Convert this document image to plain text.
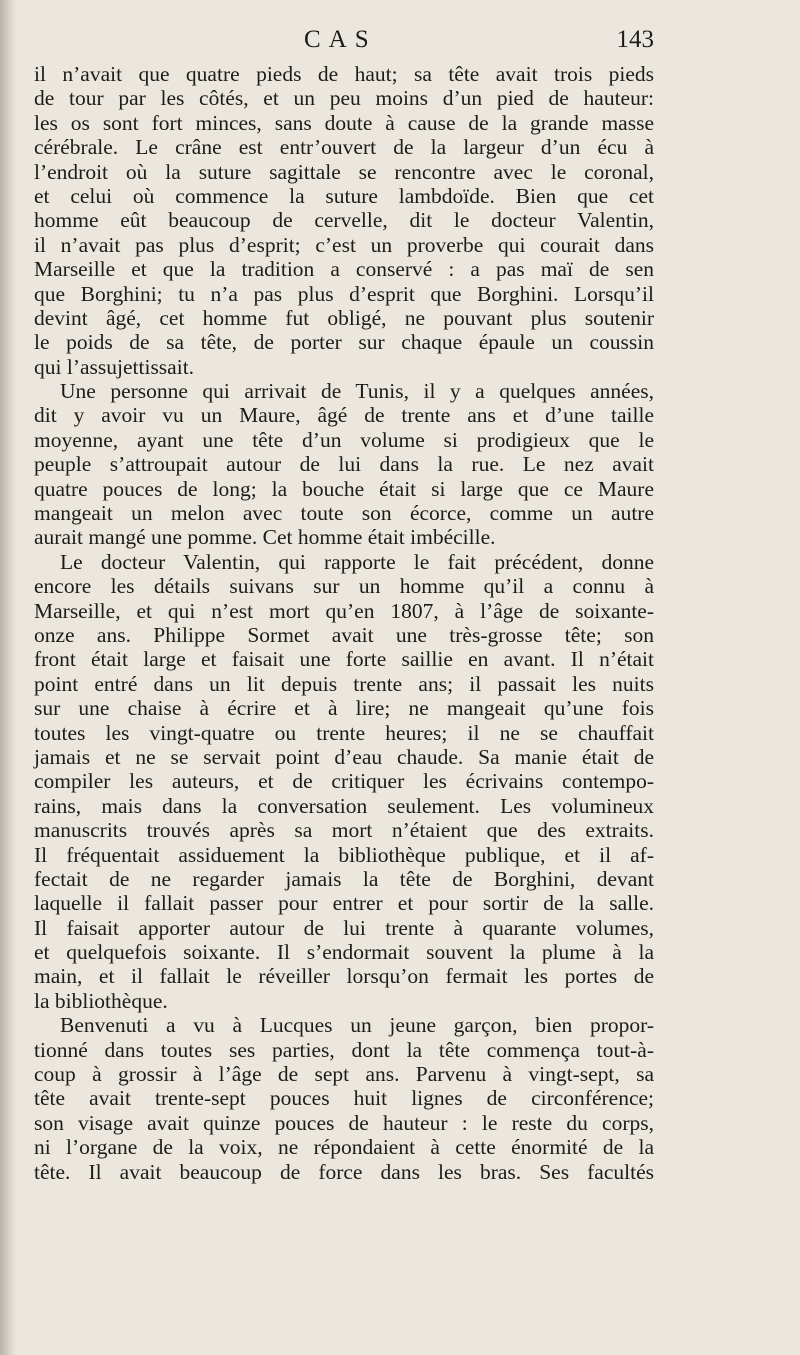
CAS	143
il n’avait que quatre pieds de haut; sa tête avait trois pieds
de tour par les côtés, et un peu moins d’un pied de hauteur:
les os sont fort minces, sans doute à cause de la grande masse
cérébrale. Le crâne est entr’ouvert de la largeur d’un écu à
l’endroit où la suture sagittale se rencontre avec le coronal,
et celui où commence la suture lambdoïde. Bien que cet
homme eût beaucoup de cervelle, dit le docteur Valentin,
il n’avait pas plus d’esprit; c’est un proverbe qui courait dans
Marseille et que la tradition a conservé : a pas maï de sen
que Borghini; tu n’a pas plus d’esprit que Borghini. Lorsqu’il
devint âgé, cet homme fut obligé, ne pouvant plus soutenir
le poids de sa tête, de porter sur chaque épaule un coussin
qui l’assujettissait.
Une personne qui arrivait de Tunis, il y a quelques années,
dit y avoir vu un Maure, âgé de trente ans et d’une taille
moyenne, ayant une tête d’un volume si prodigieux que le
peuple s’attroupait autour de lui dans la rue. Le nez avait
quatre pouces de long; la bouche était si large que ce Maure
mangeait un melon avec toute son écorce, comme un autre
aurait mangé une pomme. Cet homme était imbécille.
Le docteur Valentin, qui rapporte le fait précédent, donne
encore les détails suivans sur un homme qu’il a connu à
Marseille, et qui n’est mort qu’en 1807, à l’âge de soixante-
onze ans. Philippe Sormet avait une très-grosse tête; son
front était large et faisait une forte saillie en avant. Il n’était
point entré dans un lit depuis trente ans; il passait les nuits
sur une chaise à écrire et à lire; ne mangeait qu’une fois
toutes les vingt-quatre ou trente heures; il ne se chauffait
jamais et ne se servait point d’eau chaude. Sa manie était de
compiler les auteurs, et de critiquer les écrivains contempo-
rains, mais dans la conversation seulement. Les volumineux
manuscrits trouvés après sa mort n’étaient que des extraits.
Il fréquentait assiduement la bibliothèque publique, et il af-
fectait de ne regarder jamais la tête de Borghini, devant
laquelle il fallait passer pour entrer et pour sortir de la salle.
Il faisait apporter autour de lui trente à quarante volumes,
et quelquefois soixante. Il s’endormait souvent la plume à la
main, et il fallait le réveiller lorsqu’on fermait les portes de
la bibliothèque.
Benvenuti a vu à Lucques un jeune garçon, bien propor-
tionné dans toutes ses parties, dont la tête commença tout-à-
coup à grossir à l’âge de sept ans. Parvenu à vingt-sept, sa
tête avait trente-sept pouces huit lignes de circonférence;
son visage avait quinze pouces de hauteur : le reste du corps,
ni l’organe de la voix, ne répondaient à cette énormité de la
tête. Il avait beaucoup de force dans les bras. Ses facultés
